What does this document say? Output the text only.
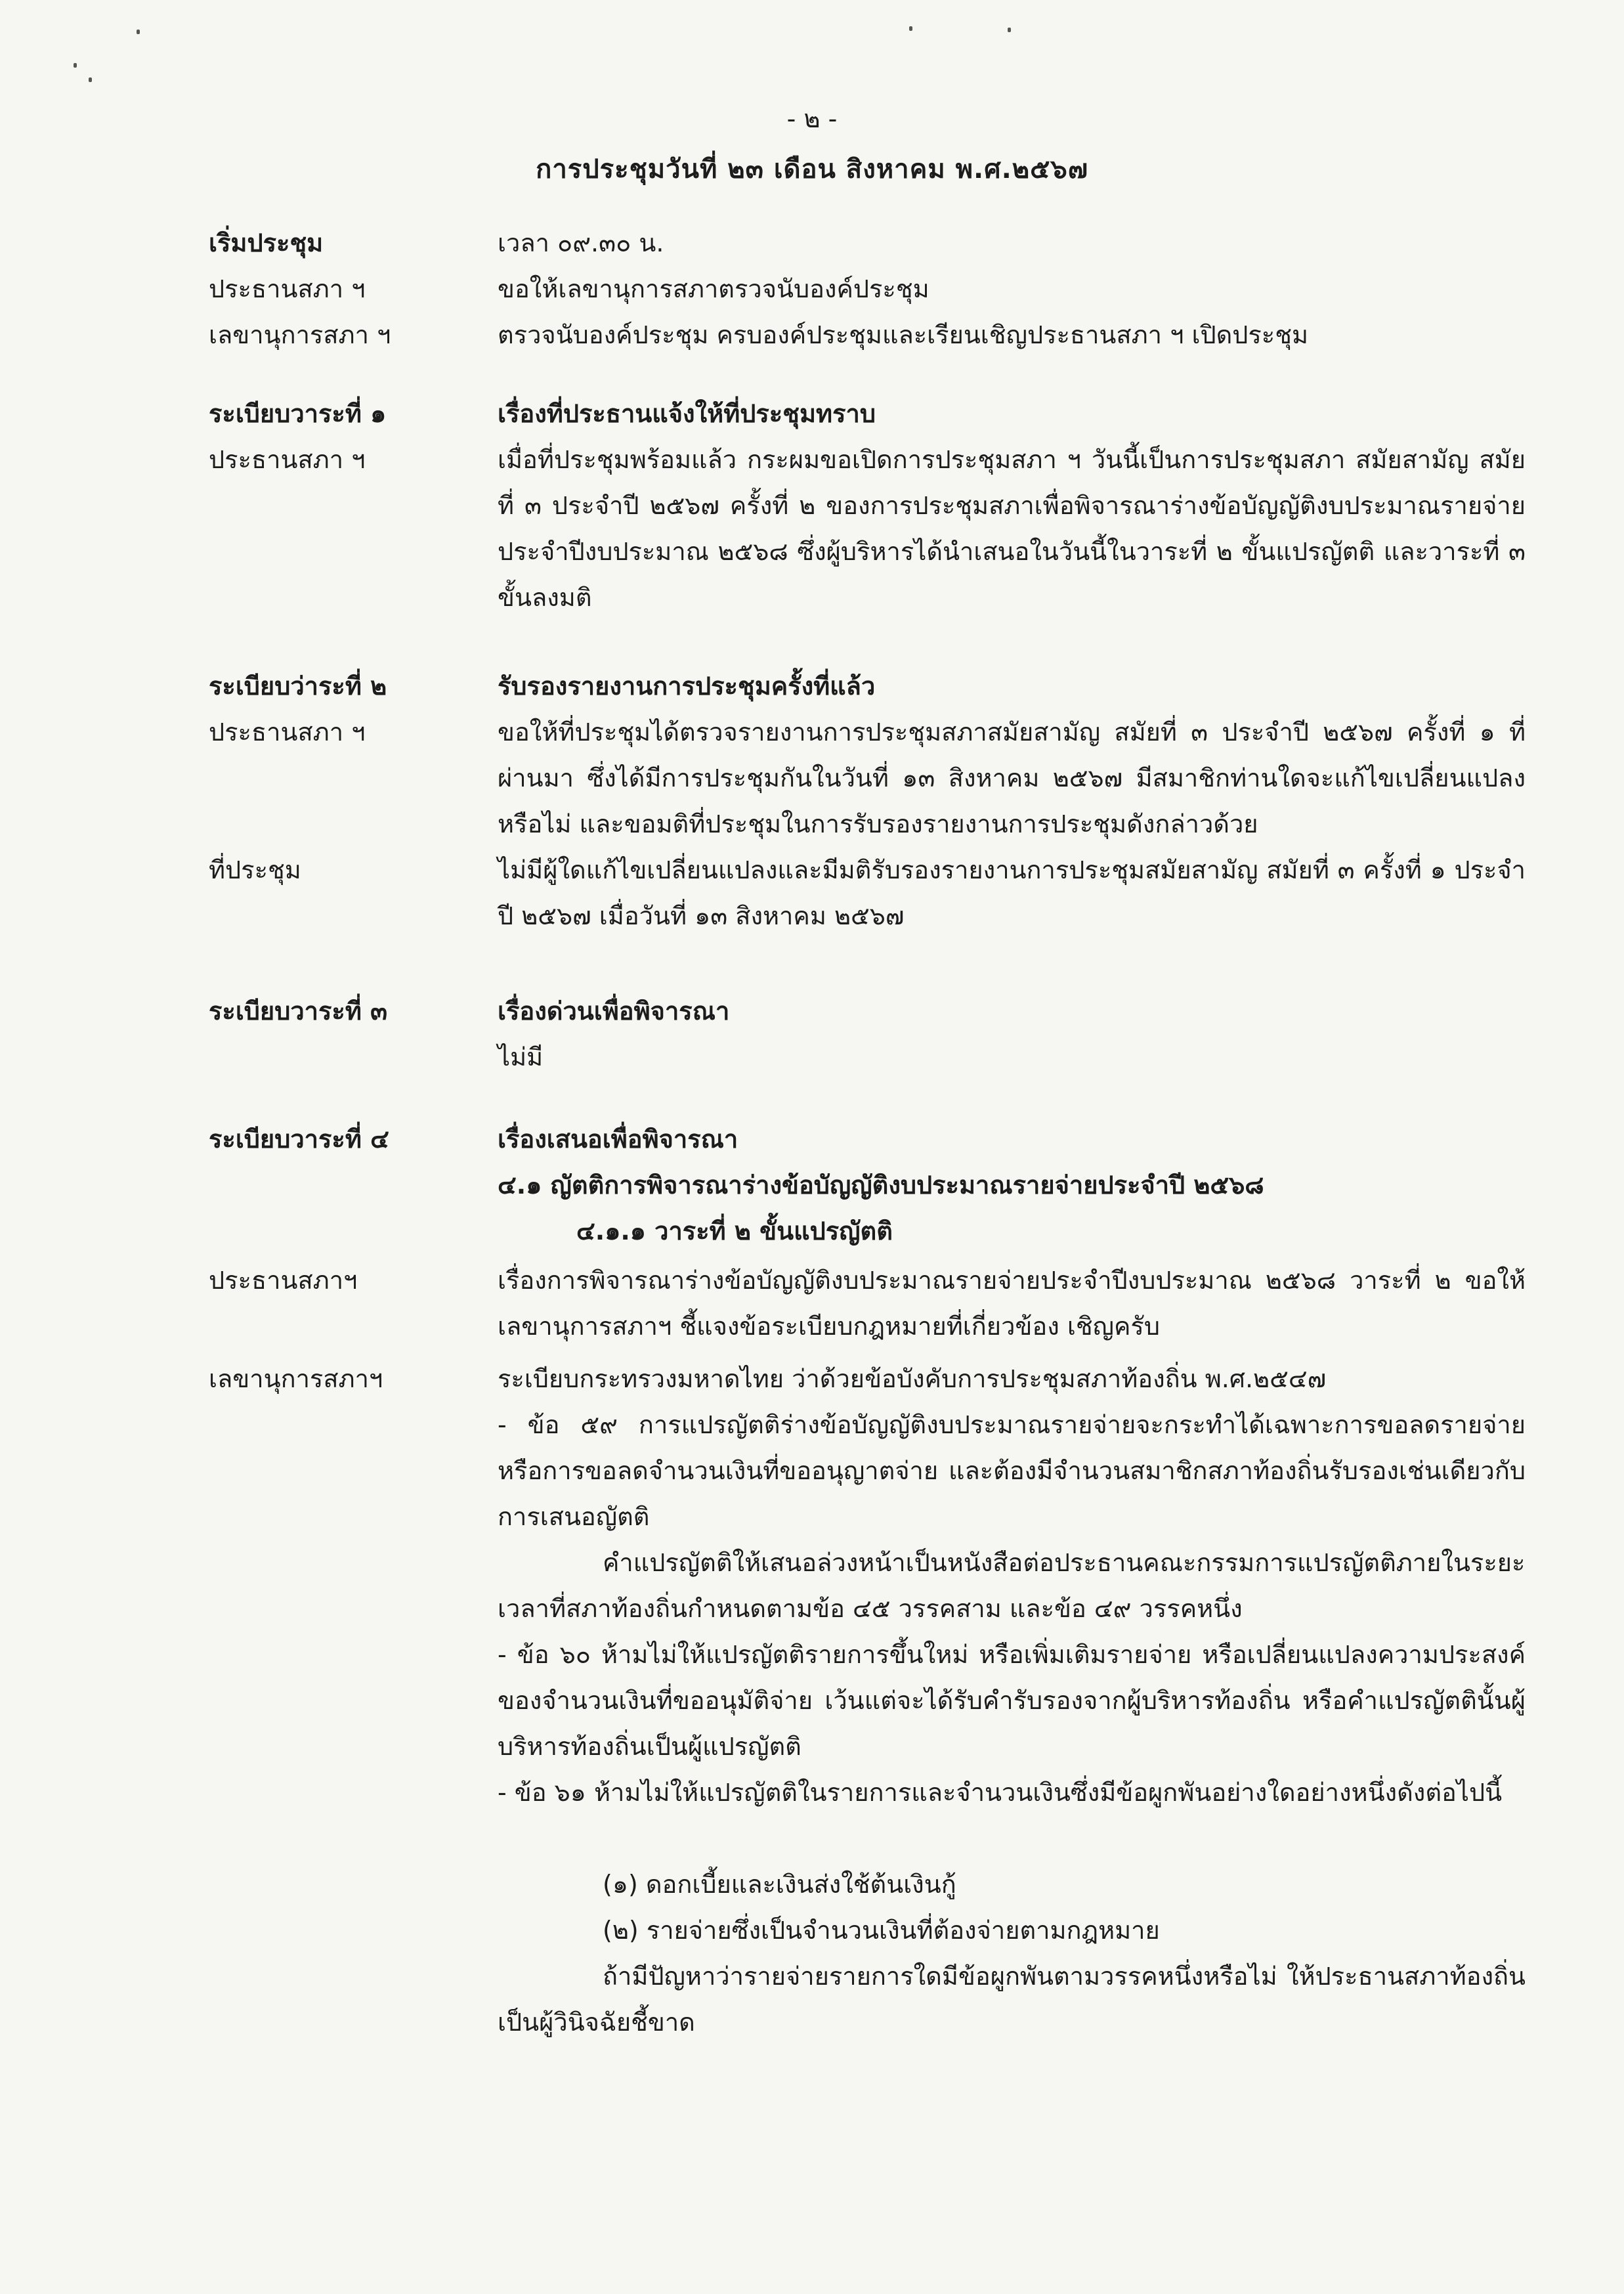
- ๒ -
การประชุมวันที่ ๒๓ เดือน สิงหาคม พ.ศ.๒๕๖๗
เริ่มประชุม	เวลา ๐๙.๓๐ น.
ประธานสภา ฯ	ขอให้เลขานุการสภาตรวจนับองค์ประชุม
เลขานุการสภา ฯ	ตรวจนับองค์ประชุม ครบองค์ประชุมและเรียนเชิญประธานสภา ฯ เปิดประชุม
ระเบียบวาระที่ ๑	เรื่องที่ประธานแจ้งให้ที่ประชุมทราบ
ประธานสภา ฯ	เมื่อที่ประชุมพร้อมแล้ว กระผมขอเปิดการประชุมสภา ฯ วันนี้เป็นการประชุมสภา สมัยสามัญ สมัยที่ ๓ ประจำปี ๒๕๖๗ ครั้งที่ ๒ ของการประชุมสภาเพื่อพิจารณาร่างข้อบัญญัติงบประมาณรายจ่ายประจำปีงบประมาณ ๒๕๖๘ ซึ่งผู้บริหารได้นำเสนอในวันนี้ในวาระที่ ๒ ขั้นแปรญัตติ และวาระที่ ๓ ขั้นลงมติ
ระเบียบว่าระที่ ๒	รับรองรายงานการประชุมครั้งที่แล้ว
ประธานสภา ฯ	ขอให้ที่ประชุมได้ตรวจรายงานการประชุมสภาสมัยสามัญ สมัยที่ ๓ ประจำปี ๒๕๖๗ ครั้งที่ ๑ ที่ผ่านมา ซึ่งได้มีการประชุมกันในวันที่ ๑๓ สิงหาคม ๒๕๖๗ มีสมาชิกท่านใดจะแก้ไขเปลี่ยนแปลงหรือไม่ และขอมติที่ประชุมในการรับรองรายงานการประชุมดังกล่าวด้วย
ที่ประชุม	ไม่มีผู้ใดแก้ไขเปลี่ยนแปลงและมีมติรับรองรายงานการประชุมสมัยสามัญ สมัยที่ ๓ ครั้งที่ ๑ ประจำปี ๒๕๖๗ เมื่อวันที่ ๑๓ สิงหาคม ๒๕๖๗
ระเบียบวาระที่ ๓	เรื่องด่วนเพื่อพิจารณา
ไม่มี
ระเบียบวาระที่ ๔	เรื่องเสนอเพื่อพิจารณา
๔.๑ ญัตติการพิจารณาร่างข้อบัญญัติงบประมาณรายจ่ายประจำปี ๒๕๖๘
๔.๑.๑ วาระที่ ๒ ขั้นแปรญัตติ
ประธานสภาฯ	เรื่องการพิจารณาร่างข้อบัญญัติงบประมาณรายจ่ายประจำปีงบประมาณ ๒๕๖๘ วาระที่ ๒ ขอให้เลขานุการสภาฯ ชี้แจงข้อระเบียบกฎหมายที่เกี่ยวข้อง เชิญครับ
เลขานุการสภาฯ	ระเบียบกระทรวงมหาดไทย ว่าด้วยข้อบังคับการประชุมสภาท้องถิ่น พ.ศ.๒๕๔๗
- ข้อ ๕๙ การแปรญัตติร่างข้อบัญญัติงบประมาณรายจ่ายจะกระทำได้เฉพาะการขอลดรายจ่าย หรือการขอลดจำนวนเงินที่ขออนุญาตจ่าย และต้องมีจำนวนสมาชิกสภาท้องถิ่นรับรองเช่นเดียวกับการเสนอญัตติ
คำแปรญัตติให้เสนอล่วงหน้าเป็นหนังสือต่อประธานคณะกรรมการแปรญัตติภายในระยะเวลาที่สภาท้องถิ่นกำหนดตามข้อ ๔๕ วรรคสาม และข้อ ๔๙ วรรคหนึ่ง
- ข้อ ๖๐ ห้ามไม่ให้แปรญัตติรายการขึ้นใหม่ หรือเพิ่มเติมรายจ่าย หรือเปลี่ยนแปลงความประสงค์ของจำนวนเงินที่ขออนุมัติจ่าย เว้นแต่จะได้รับคำรับรองจากผู้บริหารท้องถิ่น หรือคำแปรญัตตินั้นผู้บริหารท้องถิ่นเป็นผู้แปรญัตติ
- ข้อ ๖๑ ห้ามไม่ให้แปรญัตติในรายการและจำนวนเงินซึ่งมีข้อผูกพันอย่างใดอย่างหนึ่งดังต่อไปนี้
(๑) ดอกเบี้ยและเงินส่งใช้ต้นเงินกู้
(๒) รายจ่ายซึ่งเป็นจำนวนเงินที่ต้องจ่ายตามกฎหมาย
ถ้ามีปัญหาว่ารายจ่ายรายการใดมีข้อผูกพันตามวรรคหนึ่งหรือไม่ ให้ประธานสภาท้องถิ่นเป็นผู้วินิจฉัยชี้ขาด
